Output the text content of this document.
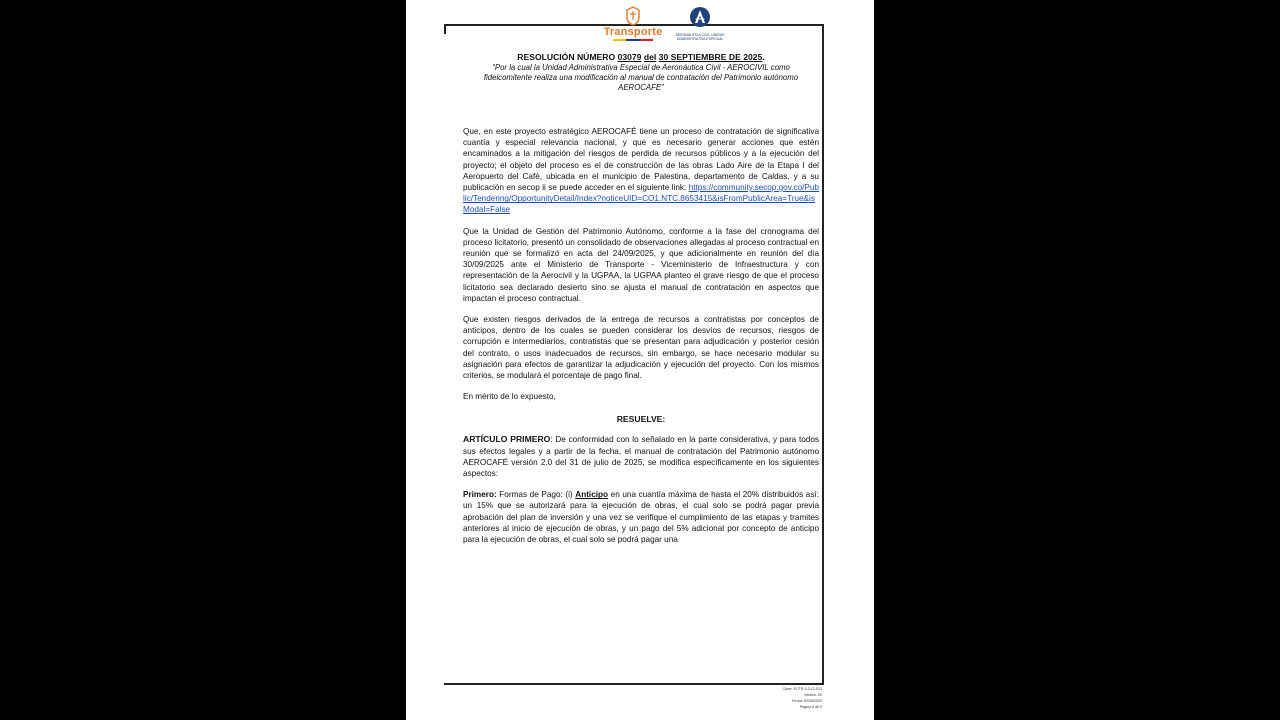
Transporte	AERONÁUTICA CIVIL UNIDAD ADMINISTRATIVA ESPECIAL
RESOLUCIÓN NÚMERO 03079 del 30 SEPTIEMBRE DE 2025.
"Por la cual la Unidad Administrativa Especial de Aeronáutica Civil - AEROCIVIL como fideicomitente realiza una modificación al manual de contratación del Patrimonio autónomo AEROCAFE"

Que, en este proyecto estratégico AEROCAFÉ tiene un proceso de contratación de significativa cuantía y especial relevancia nacional, y que es necesario generar acciones que estén encaminados a la mitigación del riesgos de perdida de recursos públicos y a la ejecución del proyecto; el objeto del proceso es el de construcción de las obras Lado Aire de la Etapa I del Aeropuerto del Café, ubicada en el municipio de Palestina, departamento de Caldas, y a su publicación en secop ii se puede acceder en el siguiente link: https://community.secop.gov.co/Public/Tendering/OpportunityDetail/Index?noticeUID=CO1.NTC.8653415&isFromPublicArea=True&isModal=False

Que la Unidad de Gestión del Patrimonio Autónomo, conforme a la fase del cronograma del proceso licitatorio, presentó un consolidado de observaciones allegadas al proceso contractual en reunión que se formalizó en acta del 24/09/2025, y que adicionalmente en reunión del día 30/09/2025 ante el Ministerio de Transporte - Viceministerio de Infraestructura y con representación de la Aerocivil y la UGPAA, la UGPAA planteo el grave riesgo de que el proceso licitatorio sea declarado desierto sino se ajusta el manual de contratación en aspectos que impactan el proceso contractual.

Que existen riesgos derivados de la entrega de recursos a contratistas por conceptos de anticipos, dentro de los cuales se pueden considerar los desvíos de recursos, riesgos de corrupción e intermediarios, contratistas que se presentan para adjudicación y posterior cesión del contrato, o usos inadecuados de recursos, sin embargo, se hace necesario modular su asignación para efectos de garantizar la adjudicación y ejecución del proyecto. Con los mismos criterios, se modulará el porcentaje de pago final.

En mérito de lo expuesto,

RESUELVE:

ARTÍCULO PRIMERO: De conformidad con lo señalado en la parte considerativa, y para todos sus efectos legales y a partir de la fecha, el manual de contratación del Patrimonio autónomo AEROCAFÉ versión 2.0 del 31 de julio de 2025, se modifica específicamente en los siguientes aspectos:

Primero: Formas de Pago: (i) Anticipo en una cuantía máxima de hasta el 20% distribuidos así: un 15% que se autorizará para la ejecución de obras, el cual solo se podrá pagar previa aprobación del plan de inversión y una vez se verifique el cumplimiento de las etapas y tramites anteriores al inicio de ejecución de obras, y un pago del 5% adicional por concepto de anticipo para la ejecución de obras, el cual solo se podrá pagar una

Clave: ECTR-5.3-12-013
Versión: 02
Fecha: 02/06/2020
Página 5 de 5
